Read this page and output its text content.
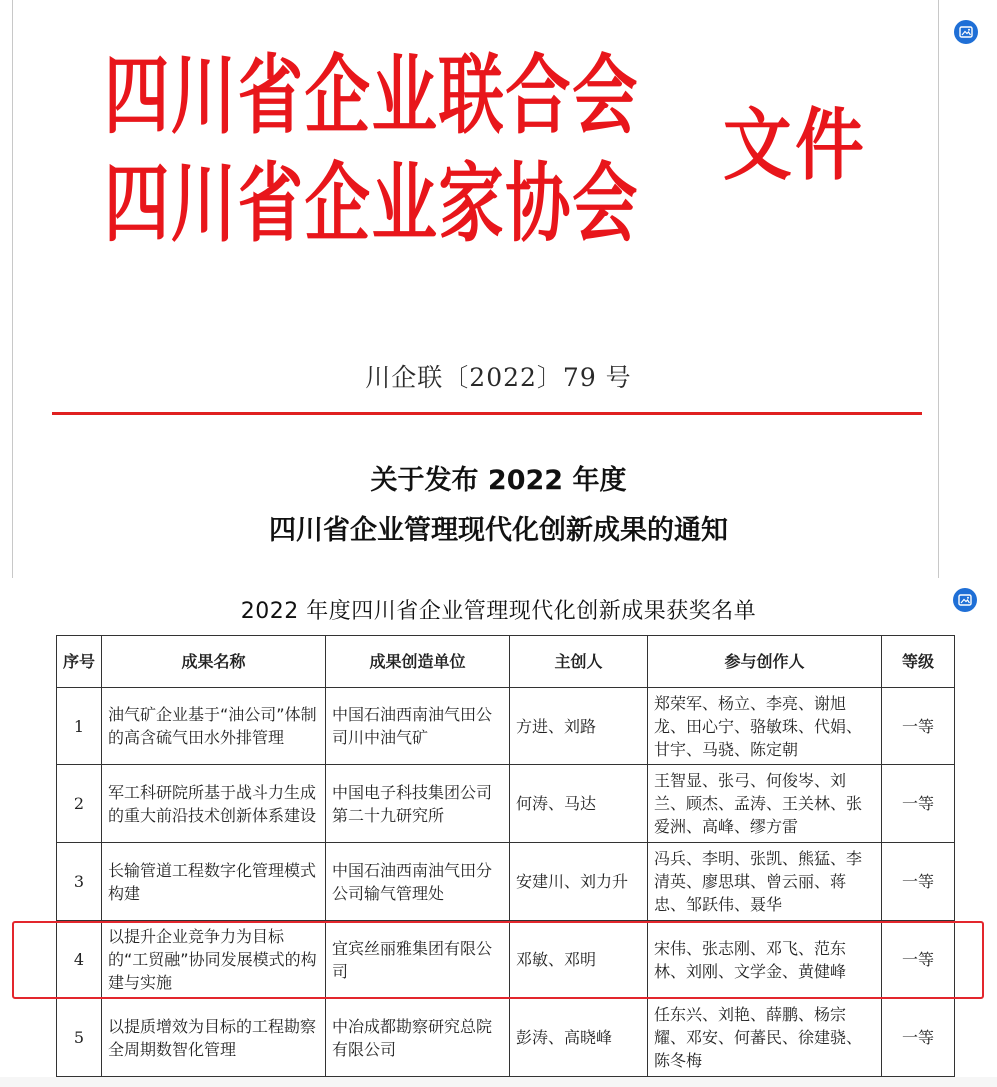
四川省企业联合会
四川省企业家协会
文件
川企联〔2022〕79 号
关于发布 2022 年度
四川省企业管理现代化创新成果的通知
2022 年度四川省企业管理现代化创新成果获奖名单
序号	成果名称	成果创造单位	主创人	参与创作人	等级
1	油气矿企业基于“油公司”体制的高含硫气田水外排管理	中国石油西南油气田公司川中油气矿	方进、刘路	郑荣军、杨立、李亮、谢旭龙、田心宁、骆敏珠、代娟、甘宇、马骁、陈定朝	一等
2	军工科研院所基于战斗力生成的重大前沿技术创新体系建设	中国电子科技集团公司第二十九研究所	何涛、马达	王智显、张弓、何俊岑、刘兰、顾杰、孟涛、王关林、张爱洲、高峰、缪方雷	一等
3	长输管道工程数字化管理模式构建	中国石油西南油气田分公司输气管理处	安建川、刘力升	冯兵、李明、张凯、熊猛、李清英、廖思琪、曾云丽、蒋忠、邹跃伟、聂华	一等
4	以提升企业竞争力为目标的“工贸融”协同发展模式的构建与实施	宜宾丝丽雅集团有限公司	邓敏、邓明	宋伟、张志刚、邓飞、范东林、刘刚、文学金、黄健峰	一等
5	以提质增效为目标的工程勘察全周期数智化管理	中冶成都勘察研究总院有限公司	彭涛、高晓峰	任东兴、刘艳、薛鹏、杨宗耀、邓安、何蕃民、徐建骁、陈冬梅	一等
